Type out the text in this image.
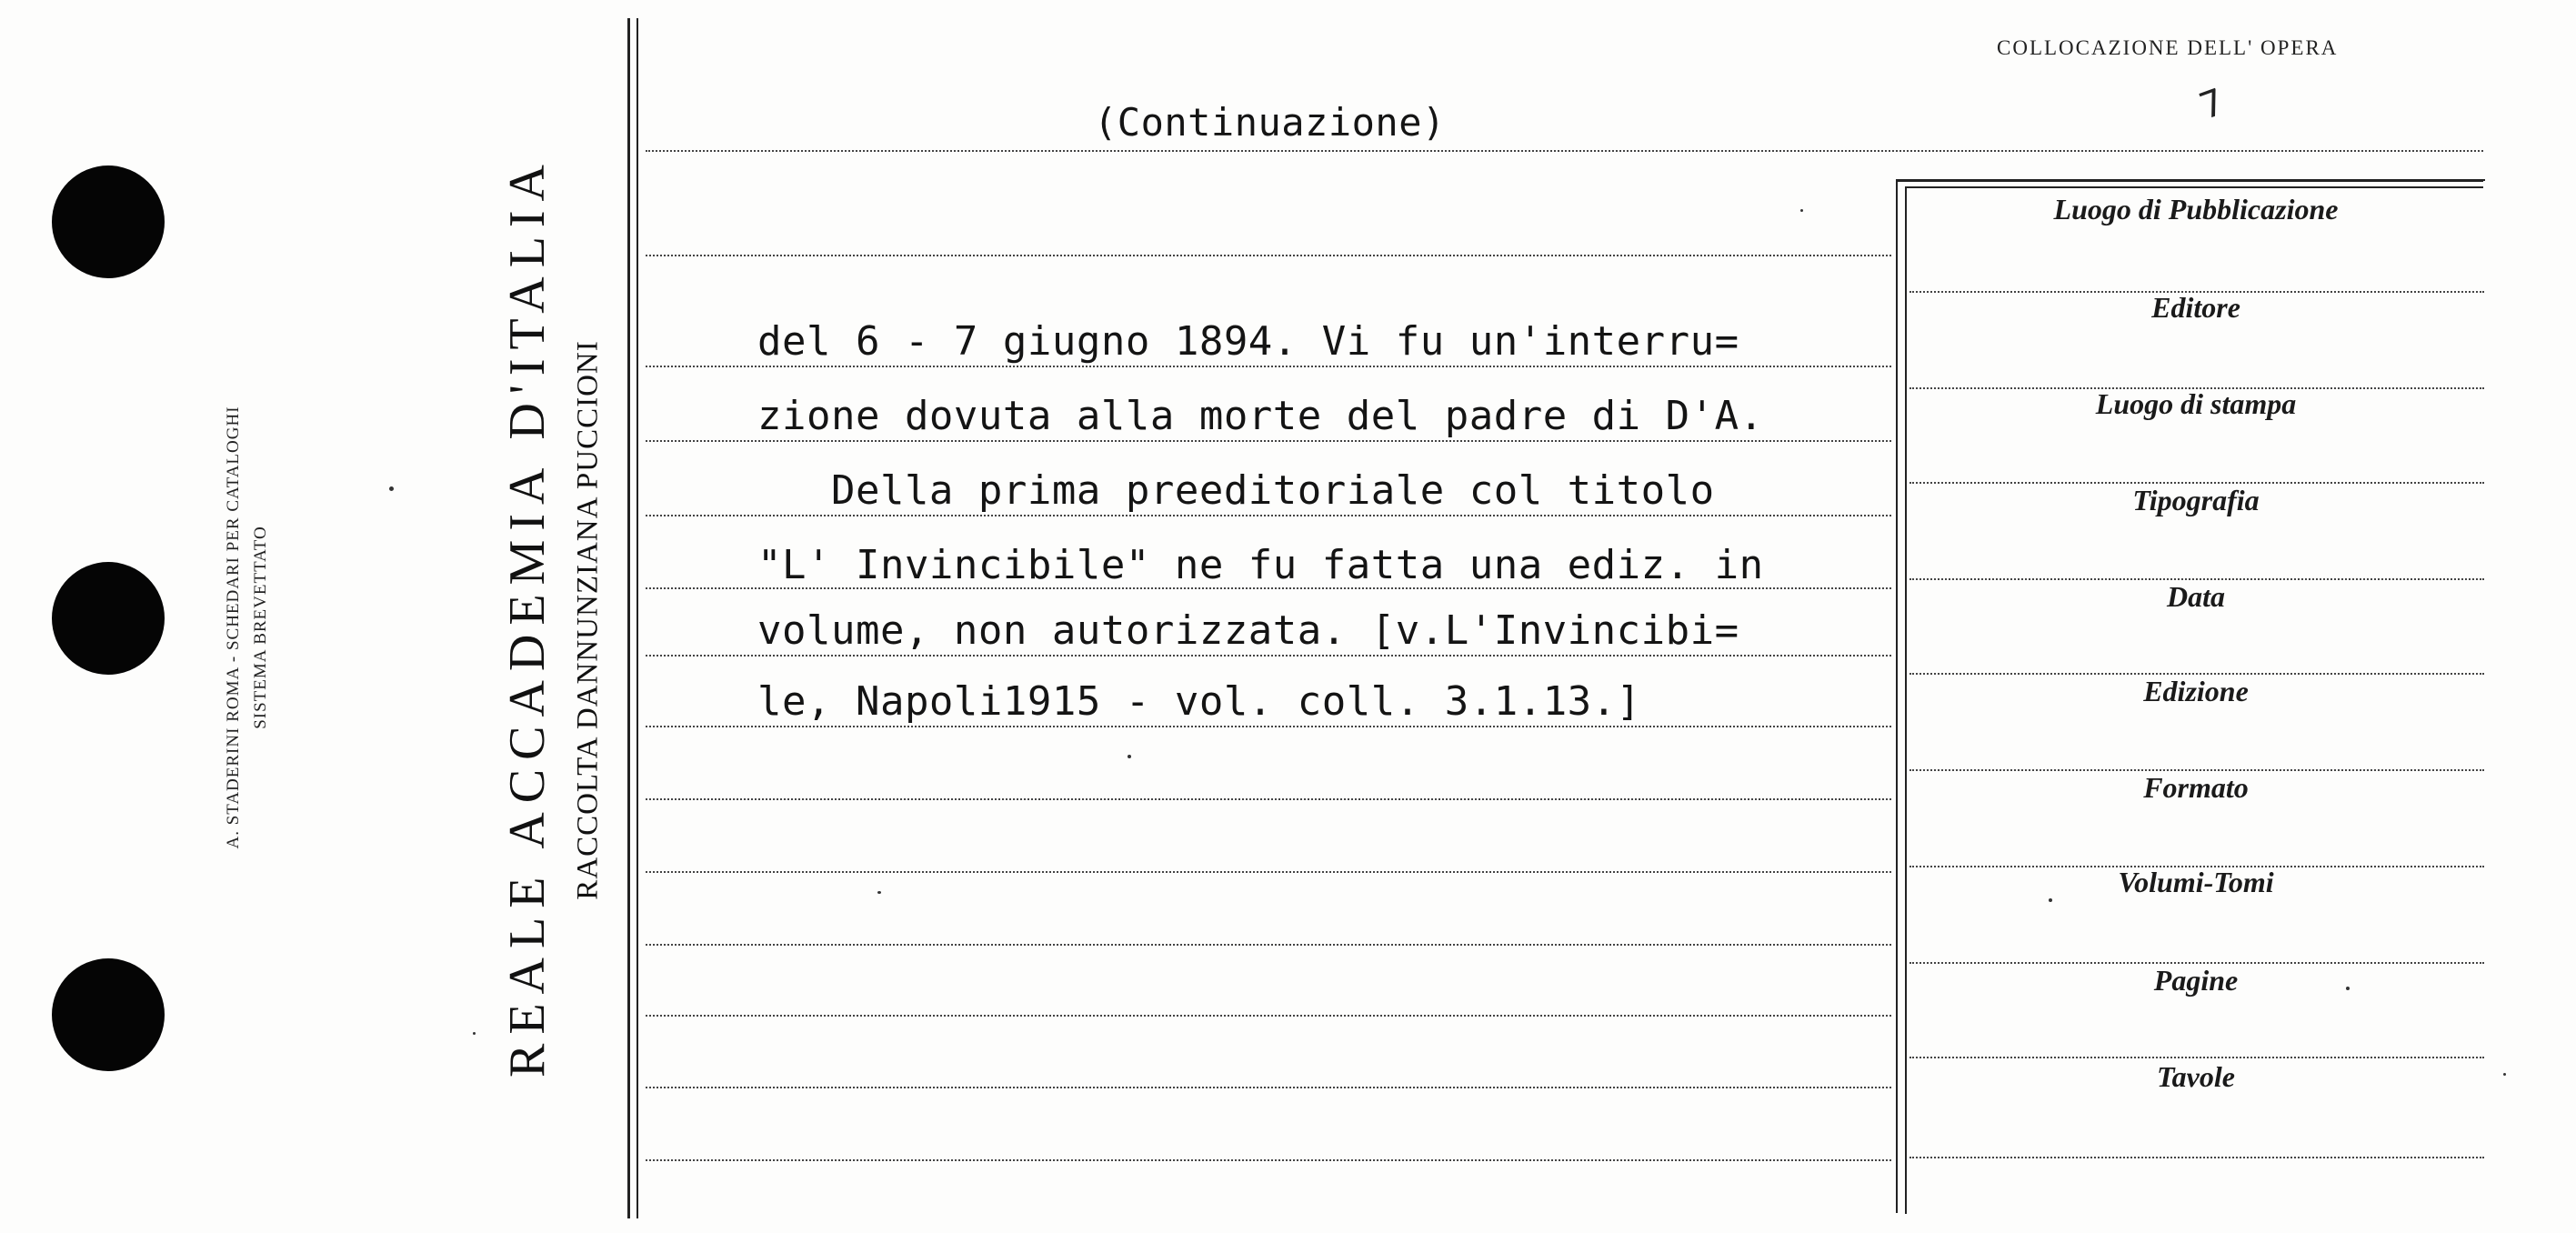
A. STADERINI ROMA - SCHEDARI PER CATALOGHI SISTEMA BREVETTATO	REALE ACCADEMIA D'ITALIA RACCOLTA DANNUNZIANA PUCCIONI
(Continuazione)
del 6 - 7 giugno 1894. Vi fu un'interru=
zione dovuta alla morte del padre di D'A.
Della prima preeditoriale col titolo
"L' Invincibile" ne fu fatta una ediz. in
volume, non autorizzata. [v.L'Invincibi=
le, Napoli1915 - vol. coll. 3.1.13.]
COLLOCAZIONE DELL' OPERA
7
Luogo di Pubblicazione
Editore
Luogo di stampa
Tipografia
Data
Edizione
Formato
Volumi-Tomi
Pagine
Tavole
